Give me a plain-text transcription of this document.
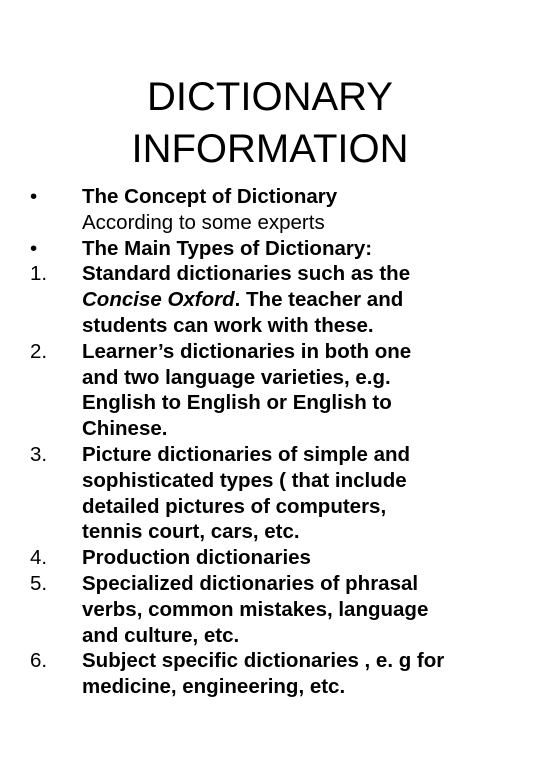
DICTIONARY
INFORMATION
•	The Concept of Dictionary
According to some experts
•	The Main Types of Dictionary:
1.	Standard dictionaries such as the
Concise Oxford. The teacher and
students can work with these.
2.	Learner’s dictionaries in both one
and two language varieties, e.g.
English to English or English to
Chinese.
3.	Picture dictionaries of simple and
sophisticated types ( that include
detailed pictures of computers,
tennis court, cars, etc.
4.	Production dictionaries
5.	Specialized dictionaries of phrasal
verbs, common mistakes, language
and culture, etc.
6.	Subject specific dictionaries , e. g for
medicine, engineering, etc.
